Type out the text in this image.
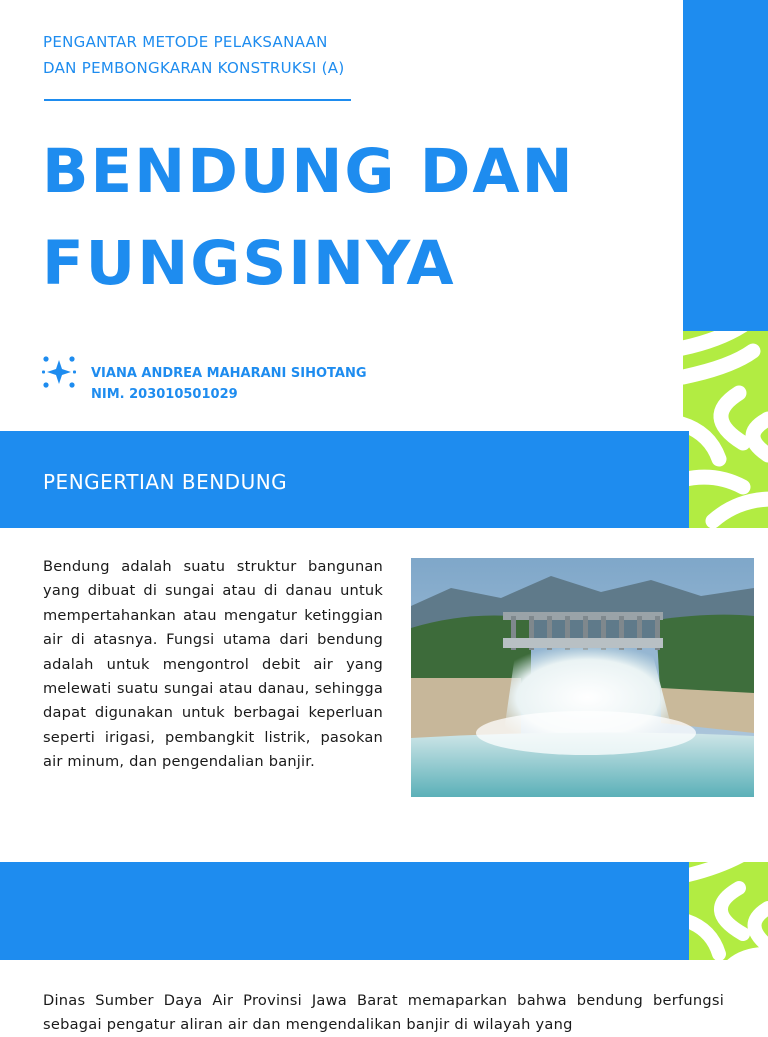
PENGANTAR METODE PELAKSANAAN
DAN PEMBONGKARAN KONSTRUKSI (A)
BENDUNG DAN
FUNGSINYA
VIANA ANDREA MAHARANI SIHOTANG
NIM. 203010501029
PENGERTIAN BENDUNG
Bendung adalah suatu struktur bangunan yang dibuat di sungai atau di danau untuk mempertahankan atau mengatur ketinggian air di atasnya. Fungsi utama dari bendung adalah untuk mengontrol debit air yang melewati suatu sungai atau danau, sehingga dapat digunakan untuk berbagai keperluan seperti irigasi, pembangkit listrik, pasokan air minum, dan pengendalian banjir.
Dinas Sumber Daya Air Provinsi Jawa Barat memaparkan bahwa bendung berfungsi sebagai pengatur aliran air dan mengendalikan banjir di wilayah yang
